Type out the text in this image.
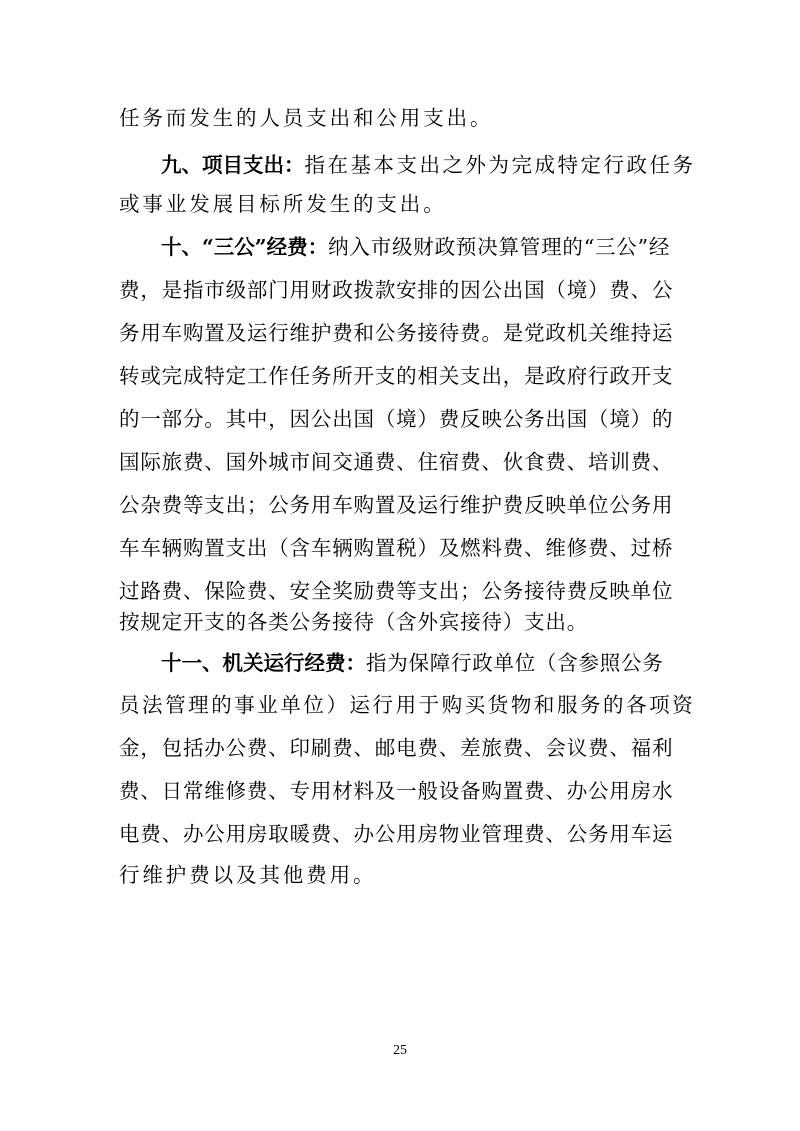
任务而发生的人员支出和公用支出。
九、项目支出：指在基本支出之外为完成特定行政任务
或事业发展目标所发生的支出。
十、“三公”经费：纳入市级财政预决算管理的“三公”经
费，是指市级部门用财政拨款安排的因公出国（境）费、公
务用车购置及运行维护费和公务接待费。是党政机关维持运
转或完成特定工作任务所开支的相关支出，是政府行政开支
的一部分。其中，因公出国（境）费反映公务出国（境）的
国际旅费、国外城市间交通费、住宿费、伙食费、培训费、
公杂费等支出；公务用车购置及运行维护费反映单位公务用
车车辆购置支出（含车辆购置税）及燃料费、维修费、过桥
过路费、保险费、安全奖励费等支出；公务接待费反映单位
按规定开支的各类公务接待（含外宾接待）支出。
十一、机关运行经费：指为保障行政单位（含参照公务
员法管理的事业单位）运行用于购买货物和服务的各项资
金，包括办公费、印刷费、邮电费、差旅费、会议费、福利
费、日常维修费、专用材料及一般设备购置费、办公用房水
电费、办公用房取暖费、办公用房物业管理费、公务用车运
行维护费以及其他费用。
25
